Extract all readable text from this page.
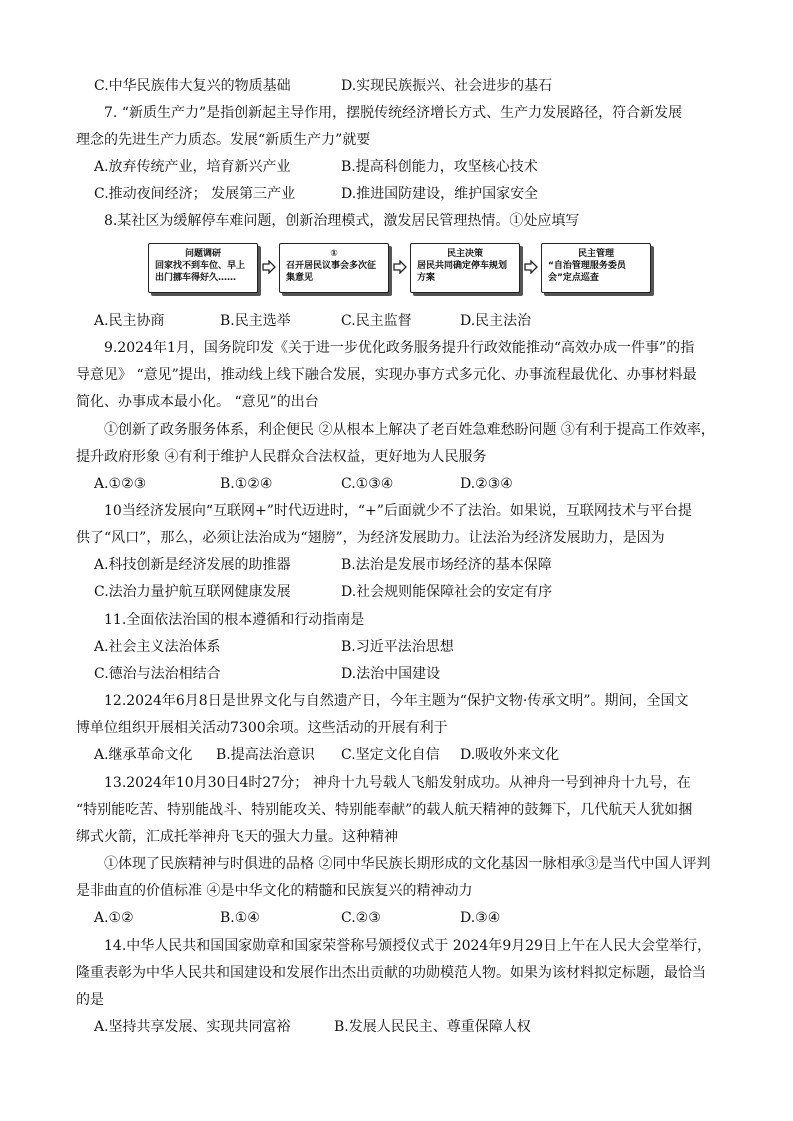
C.中华民族伟大复兴的物质基础	D.实现民族振兴、社会进步的基石
7. “新质生产力”是指创新起主导作用，摆脱传统经济增长方式、生产力发展路径，符合新发展
理念的先进生产力质态。发展“新质生产力”就要
A.放弃传统产业，培育新兴产业	B.提高科创能力，攻坚核心技术
C.推动夜间经济； 发展第三产业	D.推进国防建设，维护国家安全
8.某社区为缓解停车难问题，创新治理模式，激发居民管理热情。①处应填写
问题调研
回家找不到车位、早上出门挪车得好久……
①
召开居民议事会多次征集意见
民主决策
居民共同确定停车规划方案
民主管理
“自治管理服务委员会”定点巡查
A.民主协商	B.民主选举	C.民主监督	D.民主法治
9.2024年1月，国务院印发《关于进一步优化政务服务提升行政效能推动“高效办成一件事”的指
导意见》 “意见”提出，推动线上线下融合发展，实现办事方式多元化、办事流程最优化、办事材料最
简化、办事成本最小化。 “意见”的出台
①创新了政务服务体系，利企便民 ②从根本上解决了老百姓急难愁盼问题 ③有利于提高工作效率，
提升政府形象 ④有利于维护人民群众合法权益，更好地为人民服务
A.①②③	B.①②④	C.①③④	D.②③④
10当经济发展向“互联网+”时代迈进时，“+”后面就少不了法治。如果说，互联网技术与平台提
供了“风口”，那么，必须让法治成为“翅膀”，为经济发展助力。让法治为经济发展助力，是因为
A.科技创新是经济发展的助推器	B.法治是发展市场经济的基本保障
C.法治力量护航互联网健康发展	D.社会规则能保障社会的安定有序
11.全面依法治国的根本遵循和行动指南是
A.社会主义法治体系	B.习近平法治思想
C.德治与法治相结合	D.法治中国建设
12.2024年6月8日是世界文化与自然遗产日，今年主题为“保护文物·传承文明”。期间，全国文
博单位组织开展相关活动7300余项。这些活动的开展有利于
A.继承革命文化 B.提高法治意识 C.坚定文化自信 D.吸收外来文化
13.2024年10月30日4时27分； 神舟十九号载人飞船发射成功。从神舟一号到神舟十九号，在
“特别能吃苦、特别能战斗、特别能攻关、特别能奉献”的载人航天精神的鼓舞下，几代航天人犹如捆
绑式火箭，汇成托举神舟飞天的强大力量。这种精神
①体现了民族精神与时俱进的品格 ②同中华民族长期形成的文化基因一脉相承③是当代中国人评判
是非曲直的价值标准 ④是中华文化的精髓和民族复兴的精神动力
A.①②	B.①④	C.②③	D.③④
14.中华人民共和国国家勋章和国家荣誉称号颁授仪式于 2024年9月29日上午在人民大会堂举行，
隆重表彰为中华人民共和国建设和发展作出杰出贡献的功勋模范人物。如果为该材料拟定标题，最恰当
的是
A.坚持共享发展、实现共同富裕	B.发展人民民主、尊重保障人权
